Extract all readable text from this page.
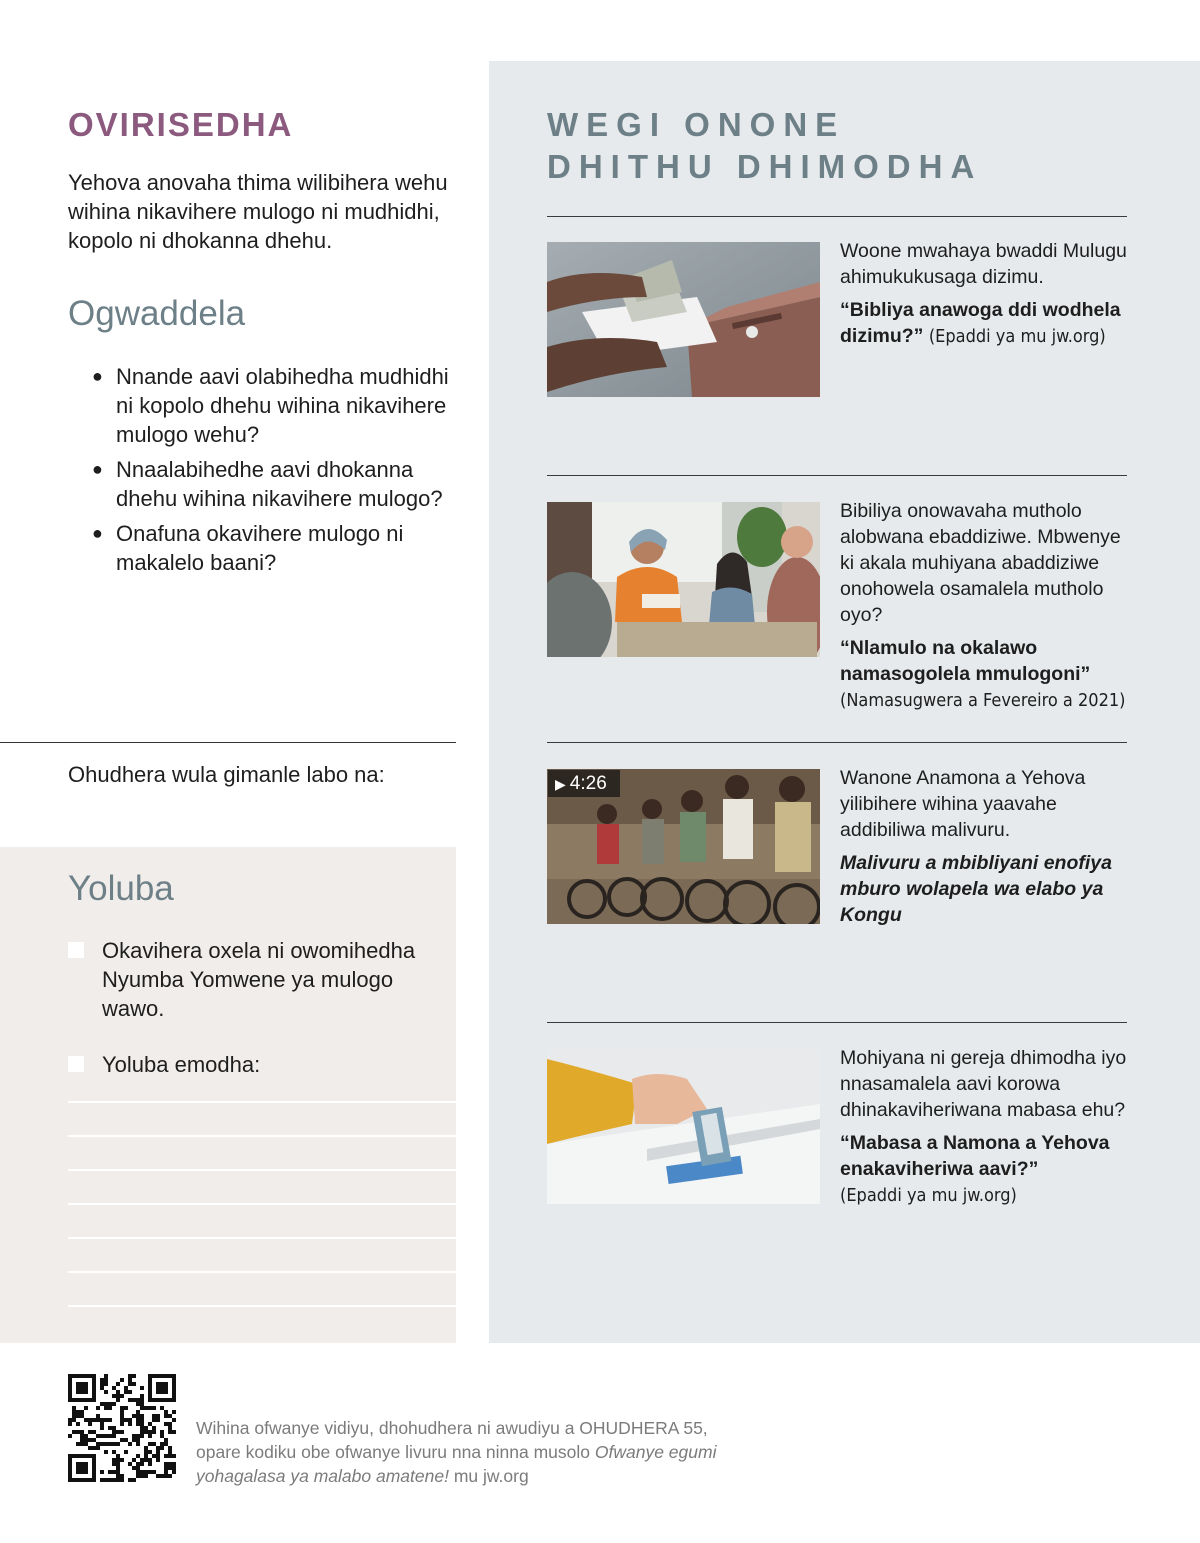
OVIRISEDHA
Yehova anovaha thima wilibihera wehu wihina nikavihere mulogo ni mudhidhi, kopolo ni dhokanna dhehu.
Ogwaddela
● Nnande aavi olabihedha mudhidhi ni kopolo dhehu wihina nikavihere mulogo wehu?
● Nnaalabihedhe aavi dhokanna dhehu wihina nikavihere mulogo?
● Onafuna okavihere mulogo ni makalelo baani?
Ohudhera wula gimanle labo na:
Yoluba
Okavihera oxela ni owomihedha Nyumba Yomwene ya mulogo wawo.
Yoluba emodha:
WEGI ONONE
DHITHU DHIMODHA

Woone mwahaya bwaddi Mulugu ahimukukusaga dizimu.

“Bibliya anawoga ddi wodhela dizimu?” (Epaddi ya mu jw.org)

Bibiliya onowavaha mutholo alobwana ebaddiziwe. Mbwenye ki akala muhiyana abaddiziwe onohowela osamalela mutholo oyo?

“Nlamulo na okalawo namasogolela mmulogoni”
(Namasugwera a Fevereiro a 2021)

▶ 4:26	Wanone Anamona a Yehova yilibihere wihina yaavahe addibiliwa malivuru.

Malivuru a mbibliyani enofiya mburo wolapela wa elabo ya Kongu

Mohiyana ni gereja dhimodha iyo nnasamalela aavi korowa dhinakaviheriwana mabasa ehu?

“Mabasa a Namona a Yehova enakaviheriwa aavi?”
(Epaddi ya mu jw.org)

Wihina ofwanye vidiyu, dhohudhera ni awudiyu a OHUDHERA 55, opare kodiku obe ofwanye livuru nna ninna musolo Ofwanye egumi yohagalasa ya malabo amatene! mu jw.org
